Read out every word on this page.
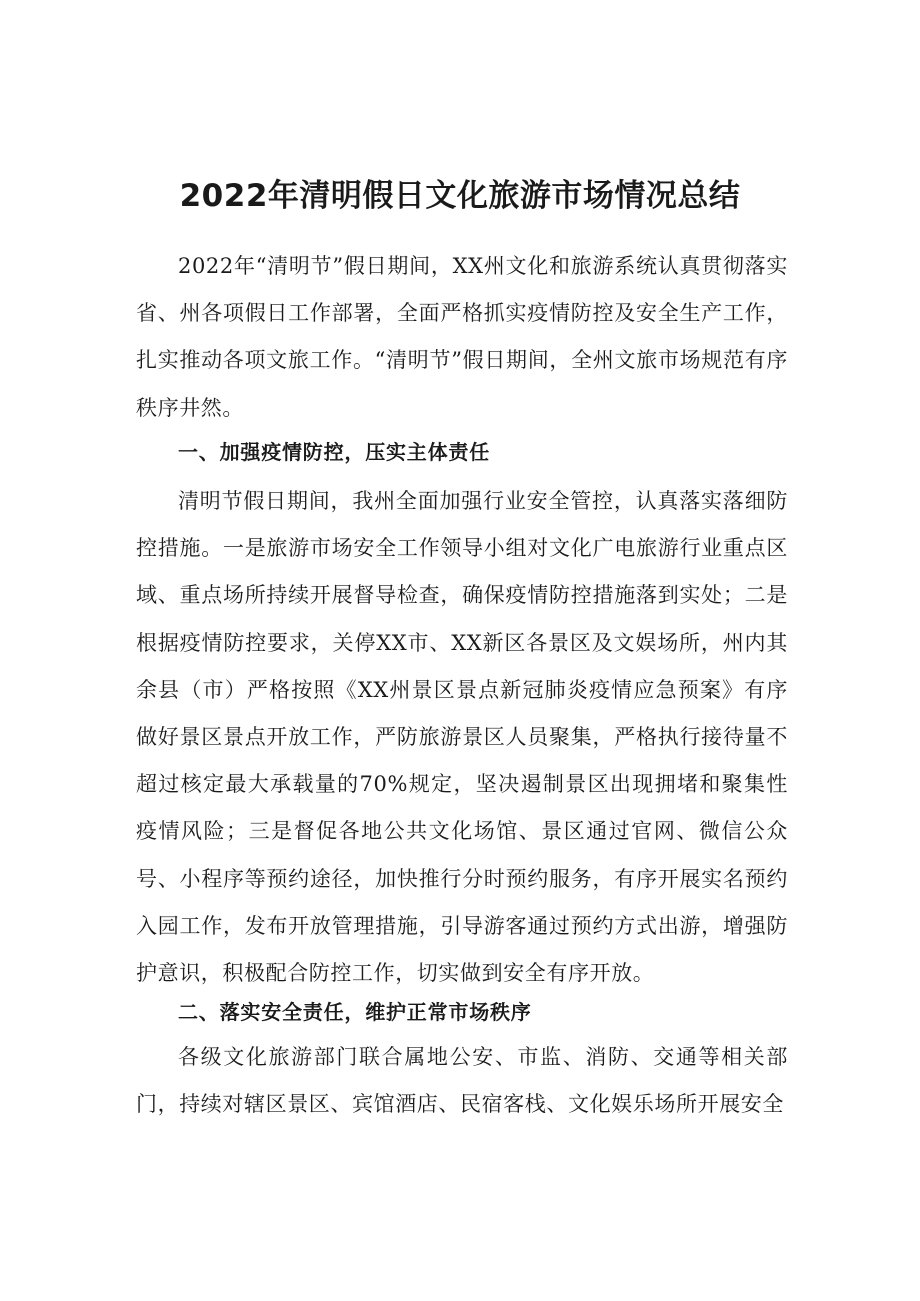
2022年清明假日文化旅游市场情况总结

2022年“清明节”假日期间，XX州文化和旅游系统认真贯彻落实省、州各项假日工作部署，全面严格抓实疫情防控及安全生产工作，扎实推动各项文旅工作。“清明节”假日期间，全州文旅市场规范有序秩序井然。

一、加强疫情防控，压实主体责任

清明节假日期间，我州全面加强行业安全管控，认真落实落细防控措施。一是旅游市场安全工作领导小组对文化广电旅游行业重点区域、重点场所持续开展督导检查，确保疫情防控措施落到实处；二是根据疫情防控要求，关停XX市、XX新区各景区及文娱场所，州内其余县（市）严格按照《XX州景区景点新冠肺炎疫情应急预案》有序做好景区景点开放工作，严防旅游景区人员聚集，严格执行接待量不超过核定最大承载量的70%规定，坚决遏制景区出现拥堵和聚集性疫情风险；三是督促各地公共文化场馆、景区通过官网、微信公众号、小程序等预约途径，加快推行分时预约服务，有序开展实名预约入园工作，发布开放管理措施，引导游客通过预约方式出游，增强防护意识，积极配合防控工作，切实做到安全有序开放。

二、落实安全责任，维护正常市场秩序

各级文化旅游部门联合属地公安、市监、消防、交通等相关部门，持续对辖区景区、宾馆酒店、民宿客栈、文化娱乐场所开展安全
